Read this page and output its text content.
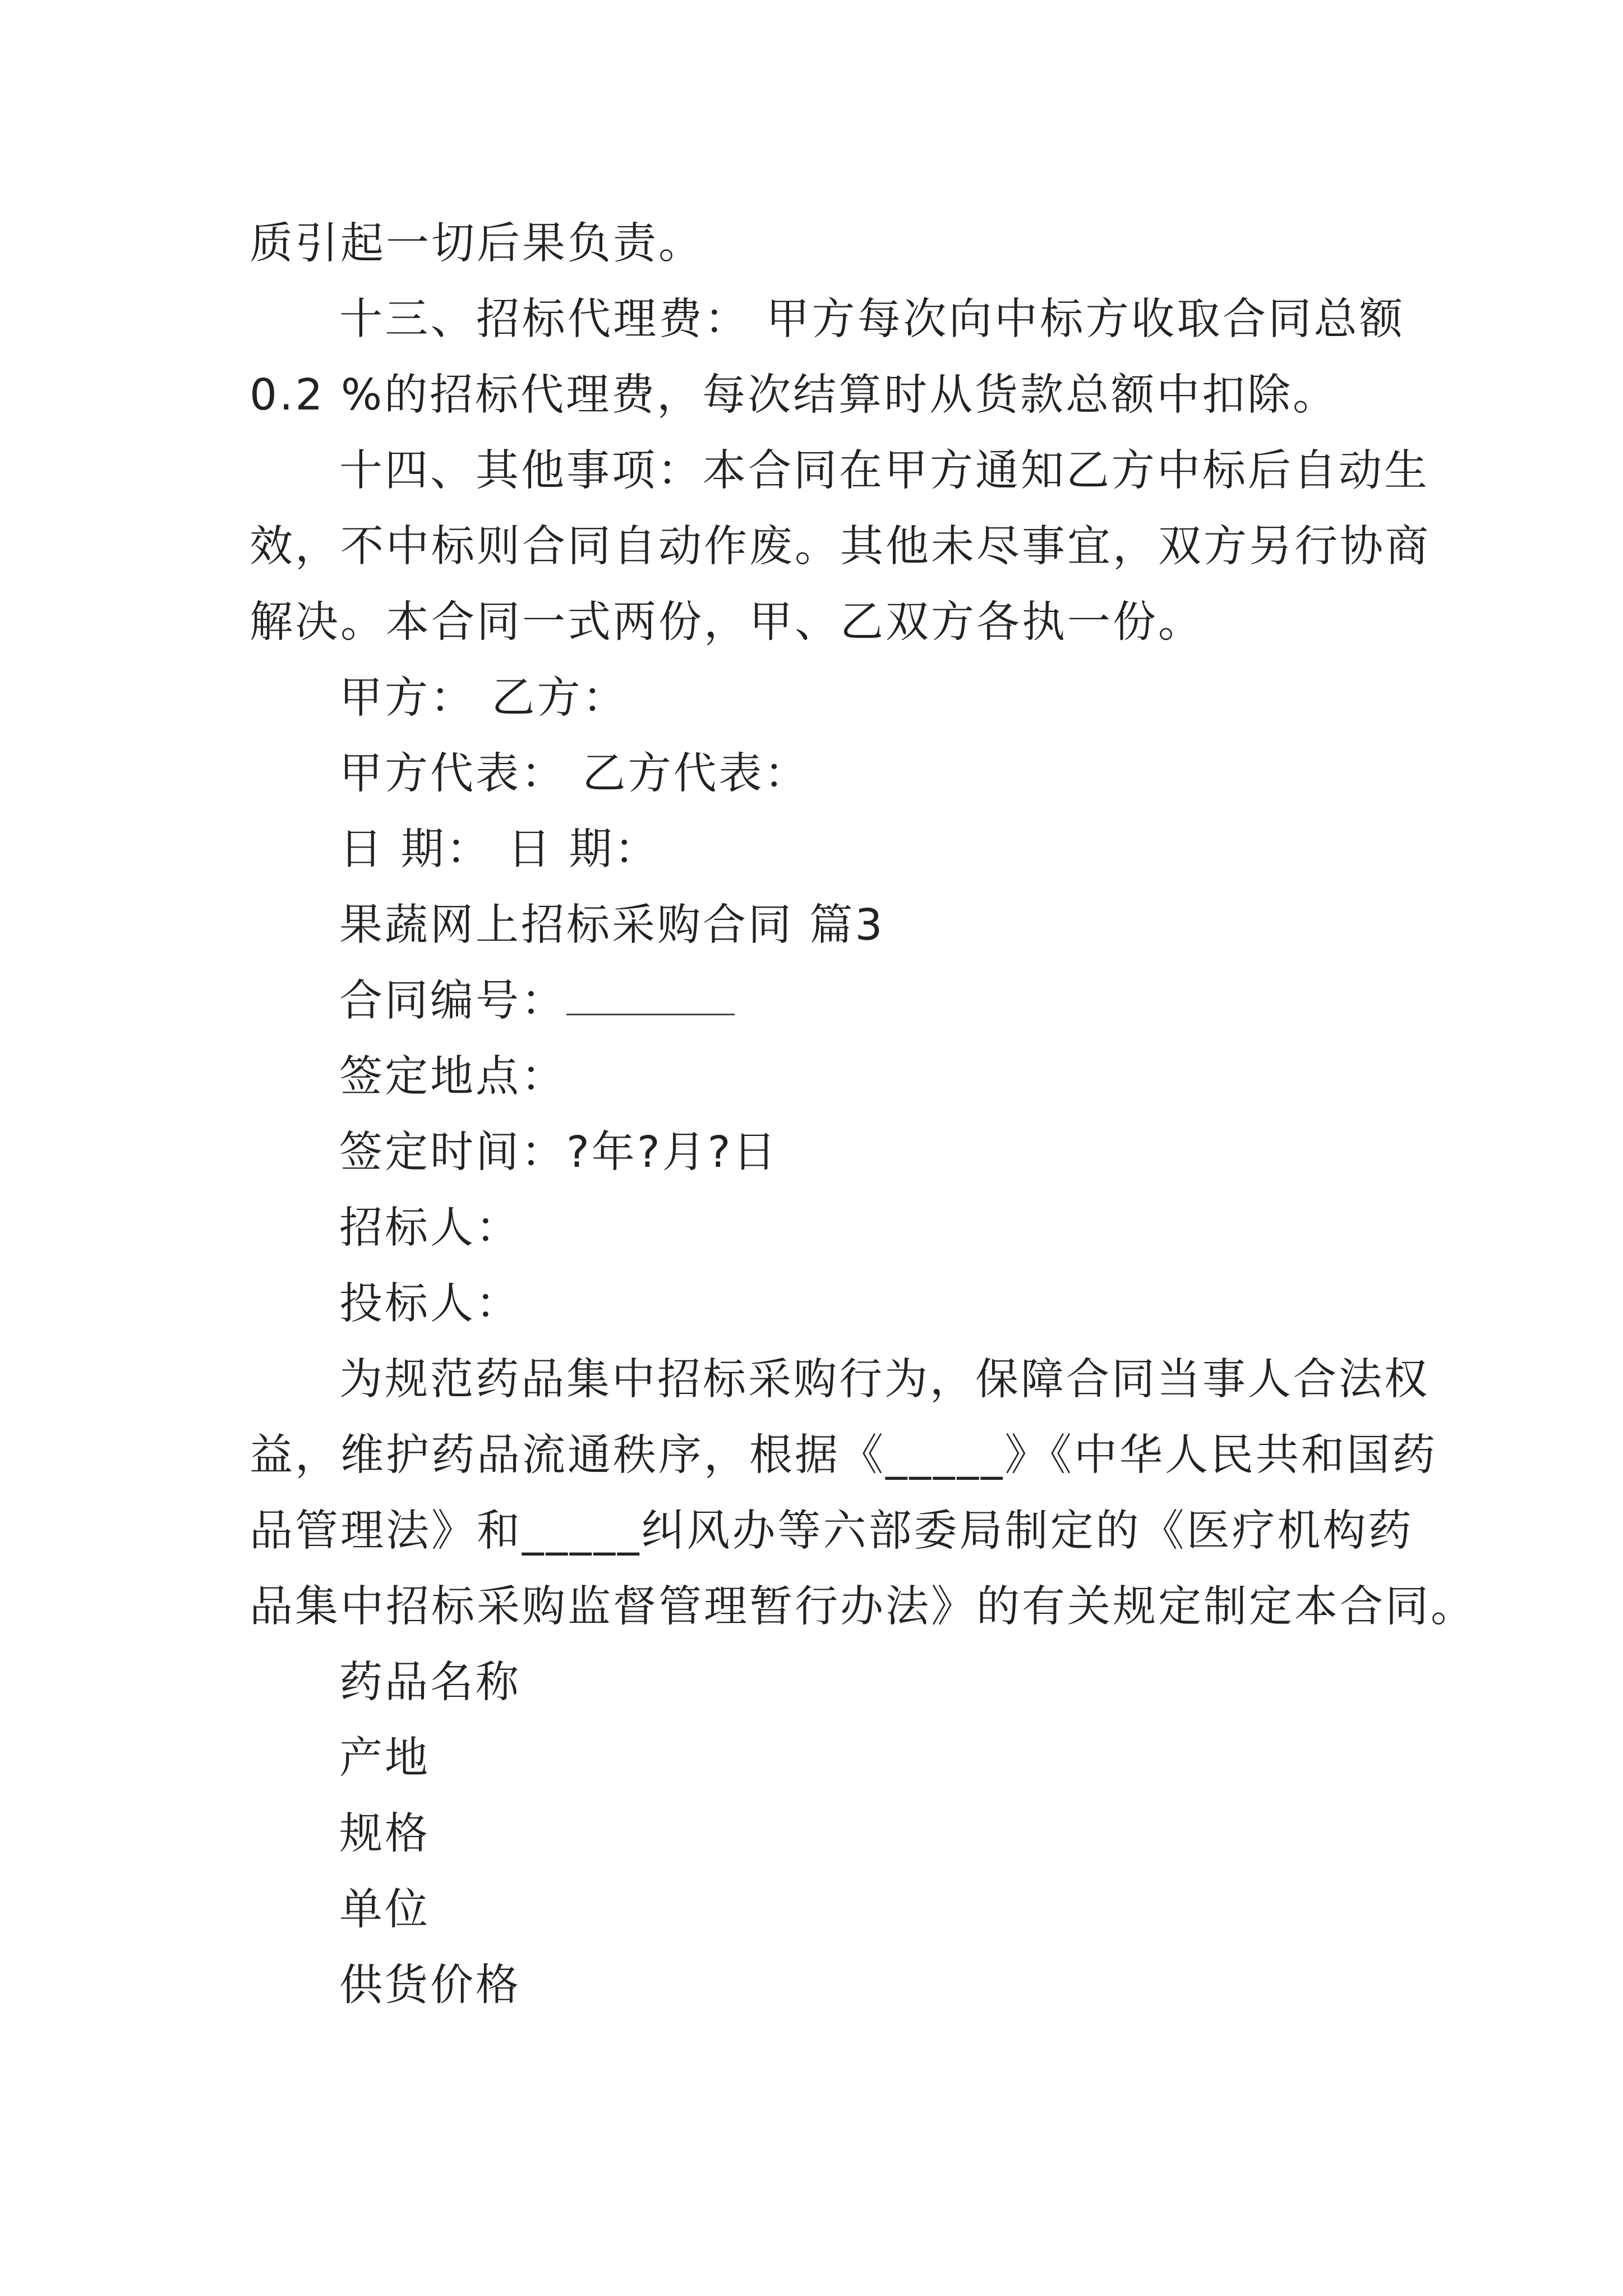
质引起一切后果负责。
十三、招标代理费： 甲方每次向中标方收取合同总额
0.2 %的招标代理费，每次结算时从货款总额中扣除。
十四、其他事项：本合同在甲方通知乙方中标后自动生
效，不中标则合同自动作废。其他未尽事宜，双方另行协商
解决。本合同一式两份，甲、乙双方各执一份。
甲方： 乙方：
甲方代表： 乙方代表：
日 期： 日 期：
果蔬网上招标采购合同 篇3
合同编号：
签定地点：
签定时间：?年?月?日
招标人：
投标人：
为规范药品集中招标采购行为，保障合同当事人合法权
益，维护药品流通秩序，根据《_____》《中华人民共和国药
品管理法》和_____纠风办等六部委局制定的《医疗机构药
品集中招标采购监督管理暂行办法》的有关规定制定本合同。
药品名称
产地
规格
单位
供货价格
